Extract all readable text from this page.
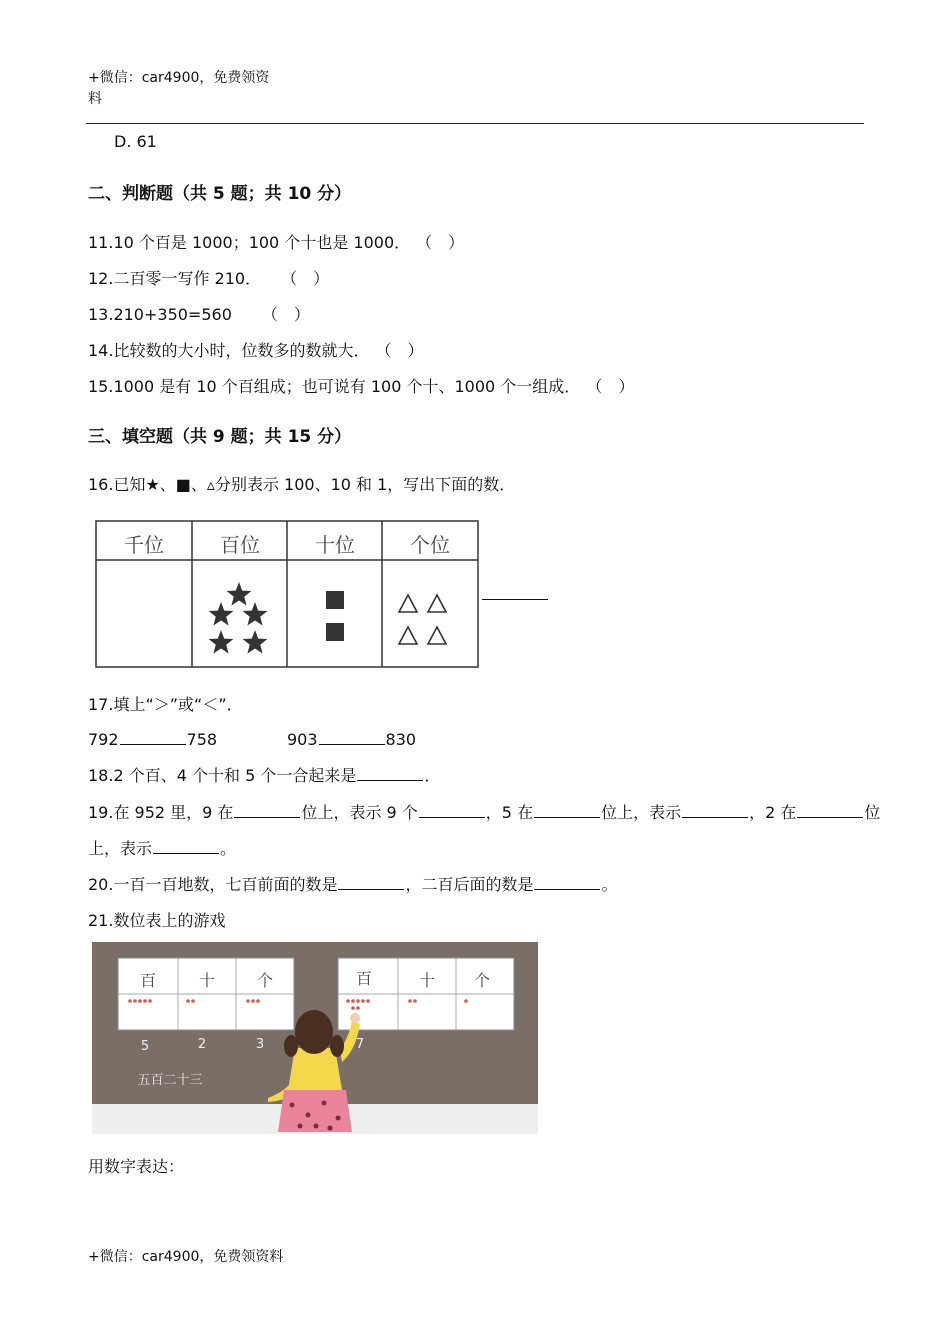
+微信：car4900，免费领资
料
D. 61
二、判断题（共 5 题；共 10 分）
11.10 个百是 1000；100 个十也是 1000． （　）
12.二百零一写作 210． （　）
13.210+350=560 （　）
14.比较数的大小时，位数多的数就大． （　）
15.1000 是有 10 个百组成；也可说有 100 个十、1000 个一组成． （　）
三、填空题（共 9 题；共 15 分）
16.已知★、■、▵分别表示 100、10 和 1，写出下面的数．
千位	百位	十位	个位
17.填上“＞”或“＜”．
792	758	903	830
18.2 个百、4 个十和 5 个一合起来是	．
19.在 952 里，9 在	位上，表示 9 个	，5 在	位上，表示	，2 在	位
上，表示	。
20.一百一百地数，七百前面的数是	，二百后面的数是	。
21.数位表上的游戏
百	十	个
5	2	3
五百二十三
百	十 个
7
用数字表达：
+微信：car4900，免费领资料
